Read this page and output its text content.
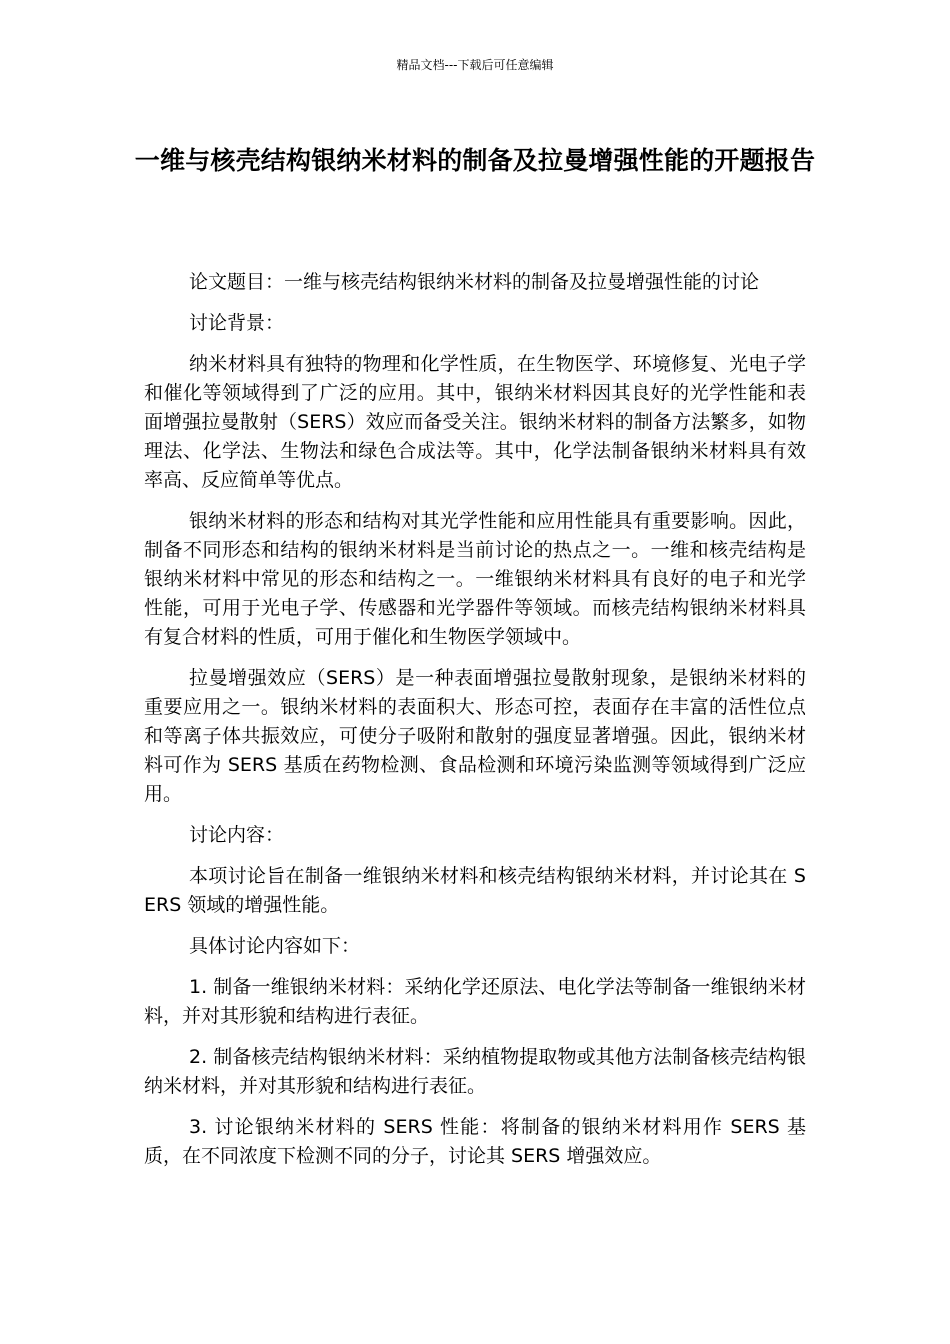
精品文档---下载后可任意编辑
一维与核壳结构银纳米材料的制备及拉曼增强性能的开题报告

论文题目：一维与核壳结构银纳米材料的制备及拉曼增强性能的讨论

讨论背景：

纳米材料具有独特的物理和化学性质，在生物医学、环境修复、光电子学和催化等领域得到了广泛的应用。其中，银纳米材料因其良好的光学性能和表面增强拉曼散射（SERS）效应而备受关注。银纳米材料的制备方法繁多，如物理法、化学法、生物法和绿色合成法等。其中，化学法制备银纳米材料具有效率高、反应简单等优点。

银纳米材料的形态和结构对其光学性能和应用性能具有重要影响。因此，制备不同形态和结构的银纳米材料是当前讨论的热点之一。一维和核壳结构是银纳米材料中常见的形态和结构之一。一维银纳米材料具有良好的电子和光学性能，可用于光电子学、传感器和光学器件等领域。而核壳结构银纳米材料具有复合材料的性质，可用于催化和生物医学领域中。

拉曼增强效应（SERS）是一种表面增强拉曼散射现象，是银纳米材料的重要应用之一。银纳米材料的表面积大、形态可控，表面存在丰富的活性位点和等离子体共振效应，可使分子吸附和散射的强度显著增强。因此，银纳米材料可作为 SERS 基质在药物检测、食品检测和环境污染监测等领域得到广泛应用。

讨论内容：

本项讨论旨在制备一维银纳米材料和核壳结构银纳米材料，并讨论其在 SERS 领域的增强性能。

具体讨论内容如下：

1. 制备一维银纳米材料：采纳化学还原法、电化学法等制备一维银纳米材料，并对其形貌和结构进行表征。

2. 制备核壳结构银纳米材料：采纳植物提取物或其他方法制备核壳结构银纳米材料，并对其形貌和结构进行表征。

3. 讨论银纳米材料的 SERS 性能：将制备的银纳米材料用作 SERS 基质，在不同浓度下检测不同的分子，讨论其 SERS 增强效应。
